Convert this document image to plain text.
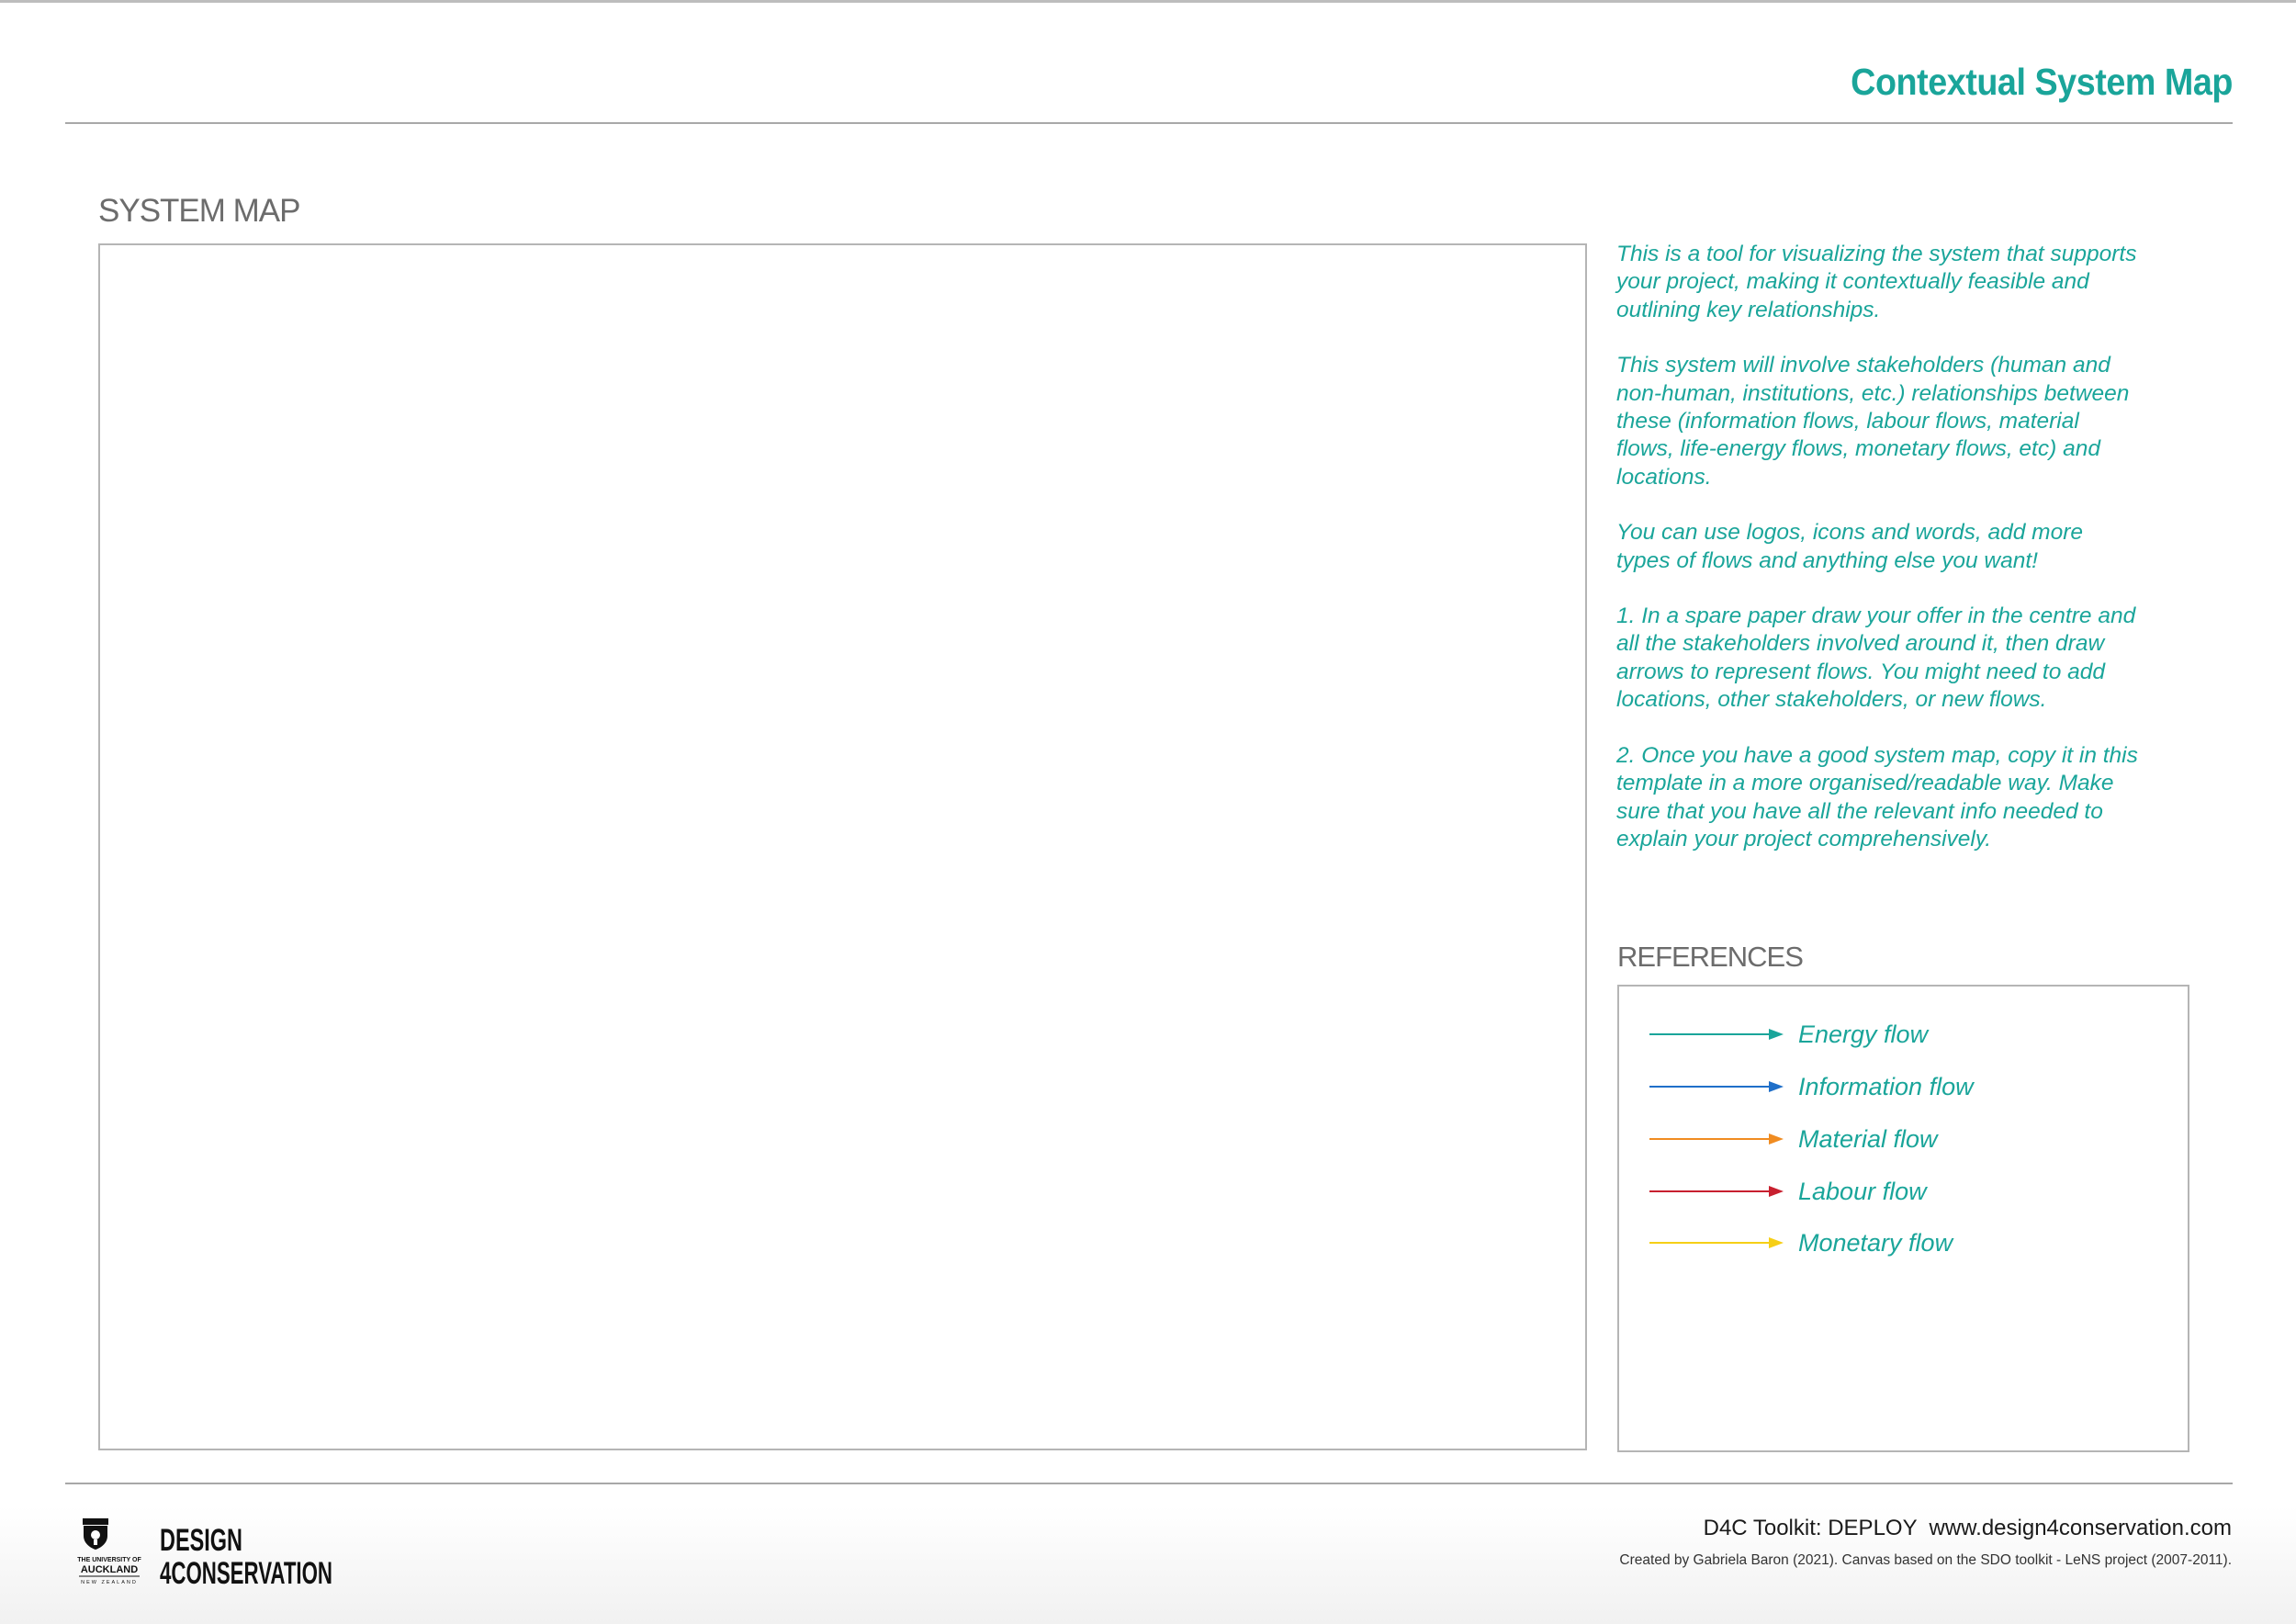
Contextual System Map
SYSTEM MAP

This is a tool for visualizing the system that supports
your project, making it contextually feasible and
outlining key relationships.

This system will involve stakeholders (human and
non-human, institutions, etc.) relationships between
these (information flows, labour flows, material
flows, life-energy flows, monetary flows, etc) and
locations.

You can use logos, icons and words, add more
types of flows and anything else you want!

1. In a spare paper draw your offer in the centre and
all the stakeholders involved around it, then draw
arrows to represent flows. You might need to add
locations, other stakeholders, or new flows.

2. Once you have a good system map, copy it in this
template in a more organised/readable way. Make
sure that you have all the relevant info needed to
explain your project comprehensively.

REFERENCES
Energy flow
Information flow
Material flow
Labour flow
Monetary flow
THE UNIVERSITY OF
AUCKLAND
NEW ZEALAND
DESIGN
4CONSERVATION
D4C Toolkit: DEPLOY  www.design4conservation.com
Created by Gabriela Baron (2021). Canvas based on the SDO toolkit - LeNS project (2007-2011).
